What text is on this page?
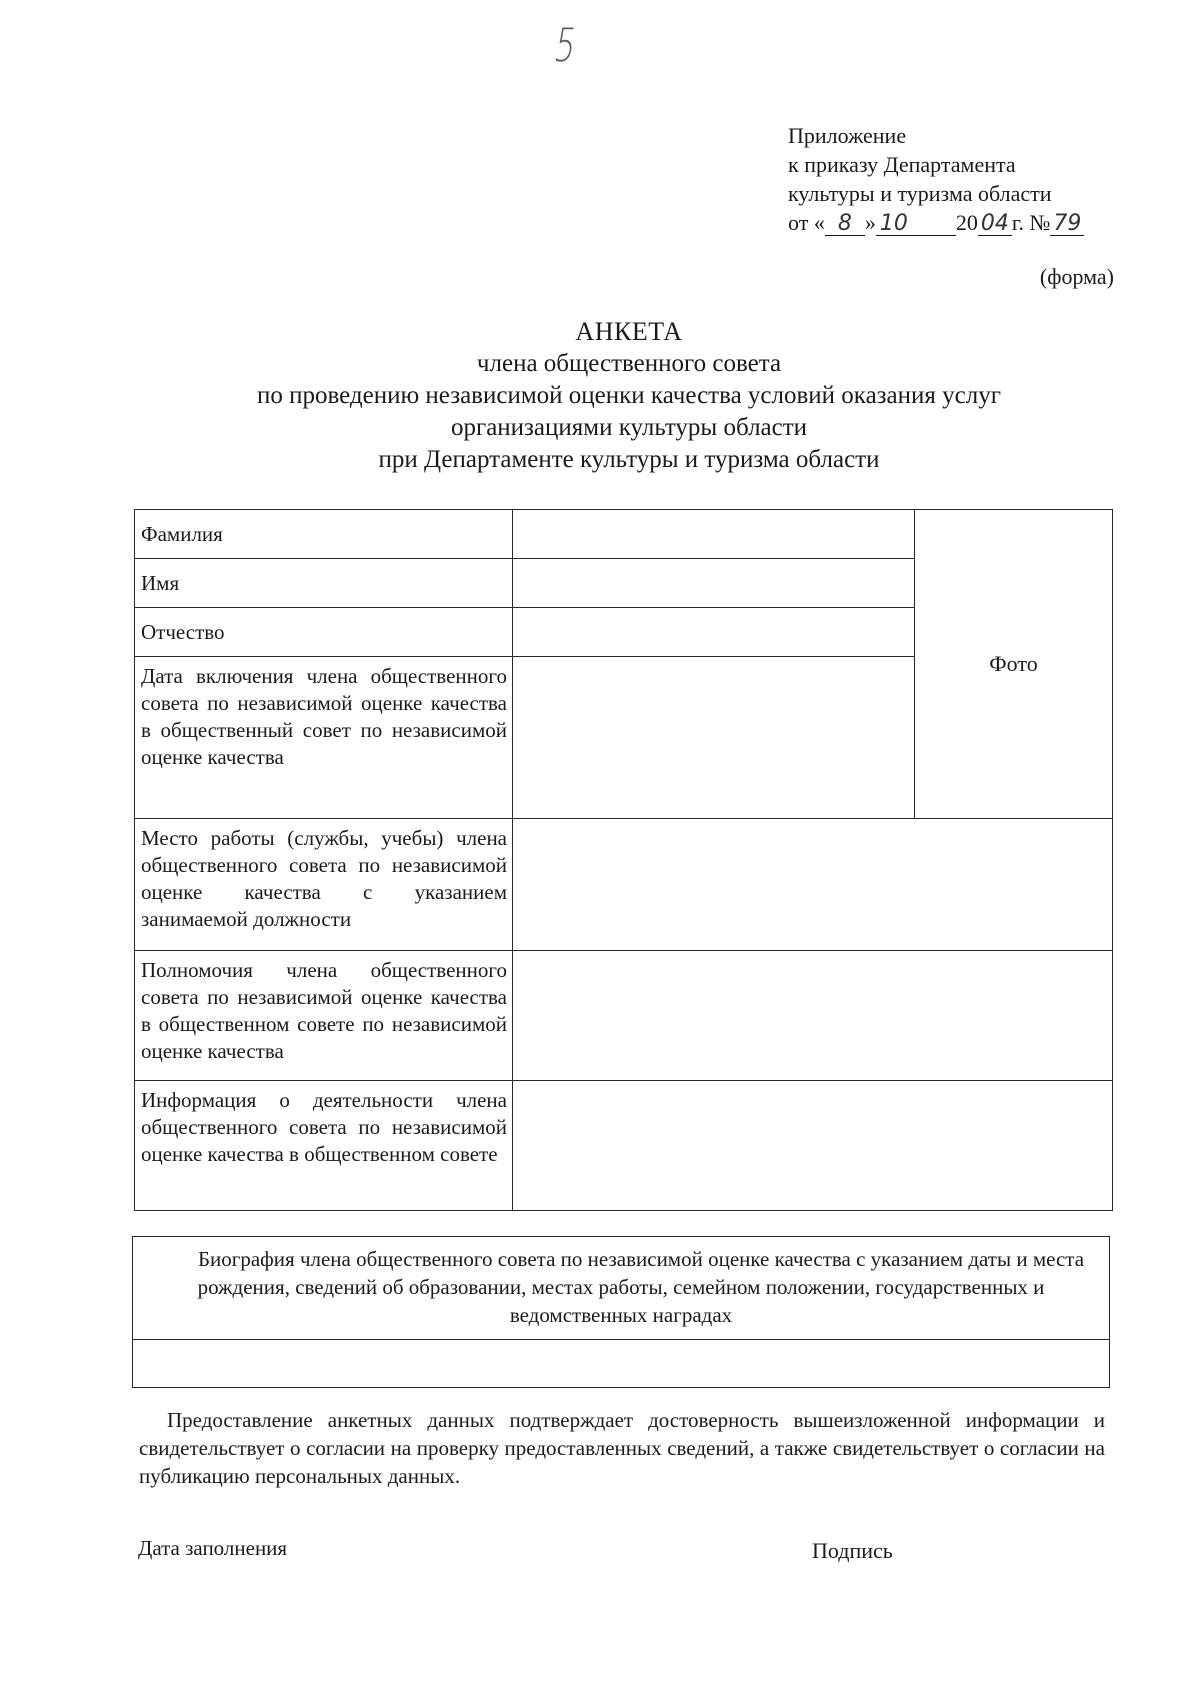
5
Приложение
к приказу Департамента
культуры и туризма области
от « 8 » 10 20 04 г. № 79
(форма)
АНКЕТА
члена общественного совета
по проведению независимой оценки качества условий оказания услуг
организациями культуры области
при Департаменте культуры и туризма области
Фамилия		Фото
Имя		
Отчество		
Дата включения члена общественного совета по независимой оценке качества в общественный совет по независимой оценке качества		
Место работы (службы, учебы) члена общественного совета по независимой оценке качества с указанием занимаемой должности		
Полномочия члена общественного совета по независимой оценке качества в общественном совете по независимой оценке качества		
Информация о деятельности члена общественного совета по независимой оценке качества в общественном совете		
Биография члена общественного совета по независимой оценке качества с указанием даты и места рождения, сведений об образовании, местах работы, семейном положении, государственных и ведомственных наградах

Предоставление анкетных данных подтверждает достоверность вышеизложенной информации и свидетельствует о согласии на проверку предоставленных сведений, а также свидетельствует о согласии на публикацию персональных данных.
Дата заполнения	Подпись
